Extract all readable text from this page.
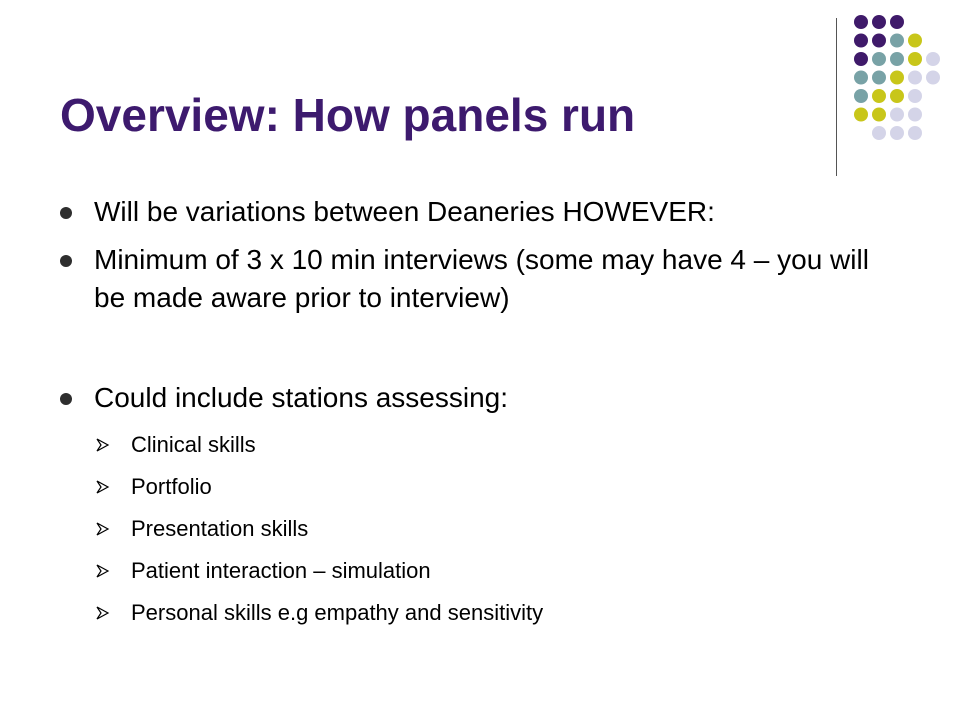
Overview: How panels run
Will be variations between Deaneries HOWEVER:
Minimum of 3 x 10 min interviews (some may have 4 – you will be made aware prior to interview)
Could include stations assessing:
Clinical skills
Portfolio
Presentation skills
Patient interaction – simulation
Personal skills e.g empathy and sensitivity
